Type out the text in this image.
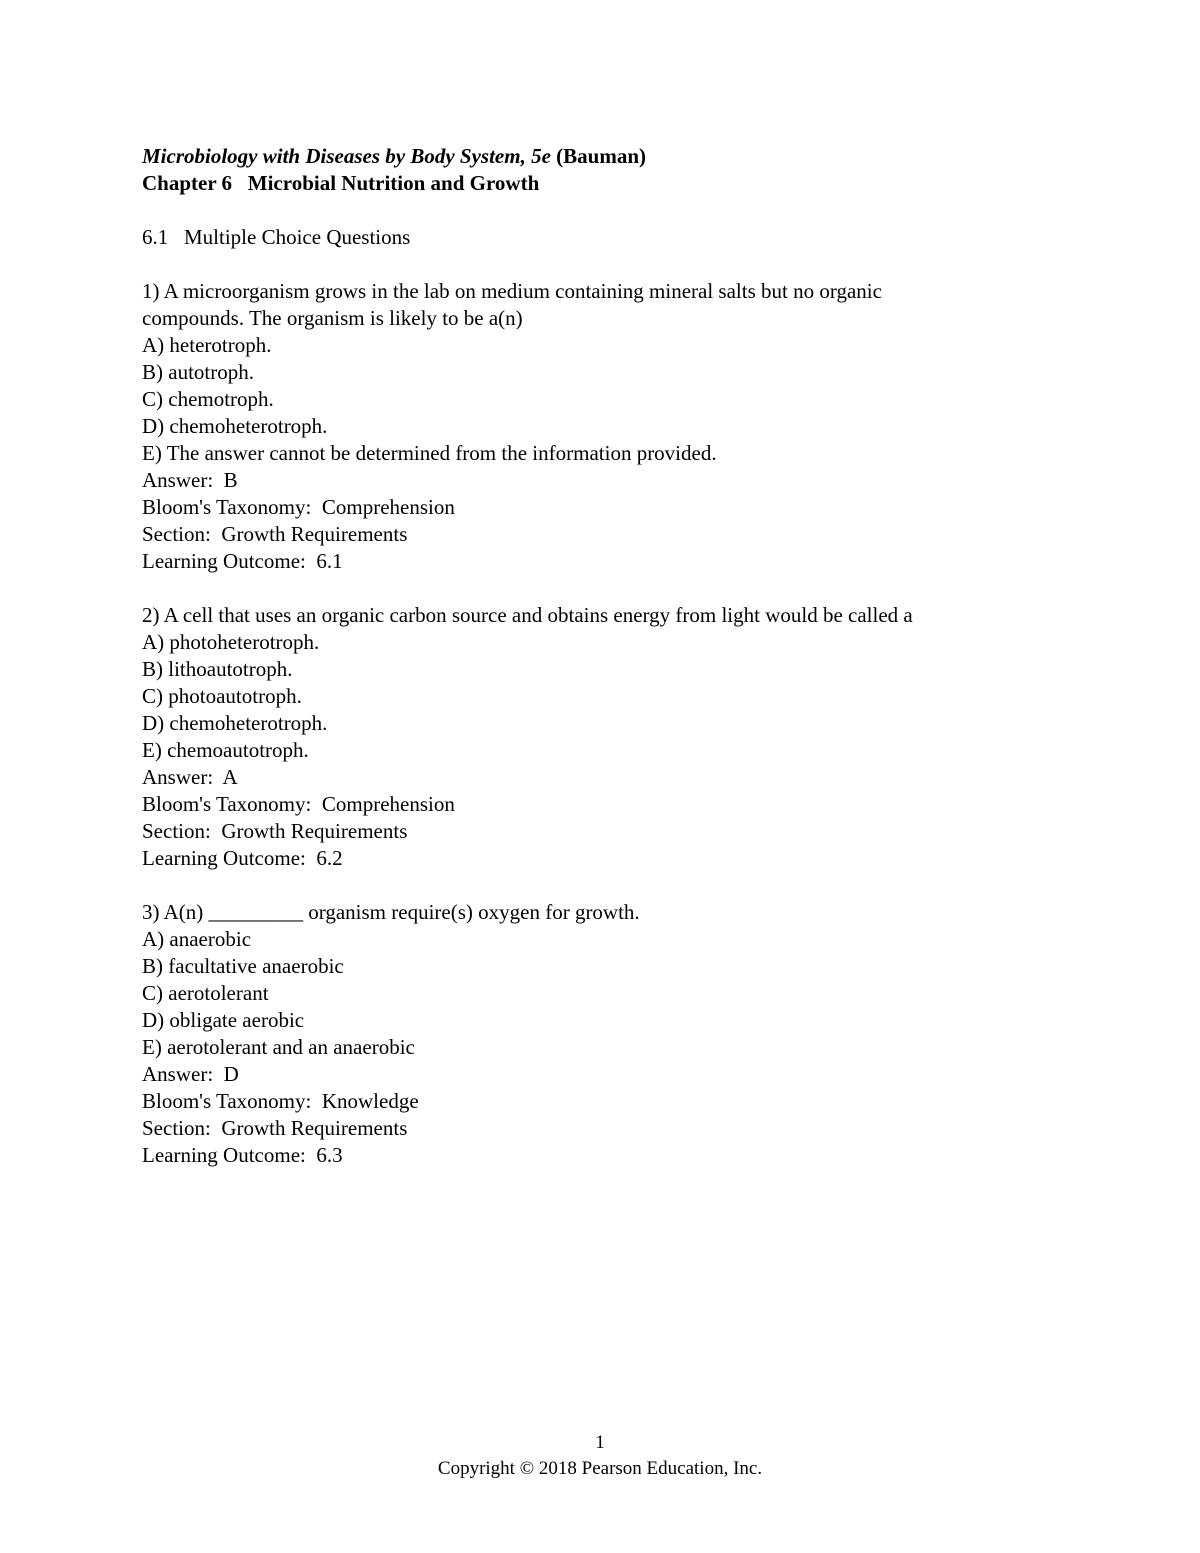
Microbiology with Diseases by Body System, 5e (Bauman)

Chapter 6   Microbial Nutrition and Growth

6.1   Multiple Choice Questions

1) A microorganism grows in the lab on medium containing mineral salts but no organic

compounds. The organism is likely to be a(n)

A) heterotroph.

B) autotroph.

C) chemotroph.

D) chemoheterotroph.

E) The answer cannot be determined from the information provided.

Answer:  B

Bloom's Taxonomy:  Comprehension

Section:  Growth Requirements

Learning Outcome:  6.1

2) A cell that uses an organic carbon source and obtains energy from light would be called a

A) photoheterotroph.

B) lithoautotroph.

C) photoautotroph.

D) chemoheterotroph.

E) chemoautotroph.

Answer:  A

Bloom's Taxonomy:  Comprehension

Section:  Growth Requirements

Learning Outcome:  6.2

3) A(n) _________ organism require(s) oxygen for growth.

A) anaerobic

B) facultative anaerobic

C) aerotolerant

D) obligate aerobic

E) aerotolerant and an anaerobic

Answer:  D

Bloom's Taxonomy:  Knowledge

Section:  Growth Requirements

Learning Outcome:  6.3

1
Copyright © 2018 Pearson Education, Inc.
